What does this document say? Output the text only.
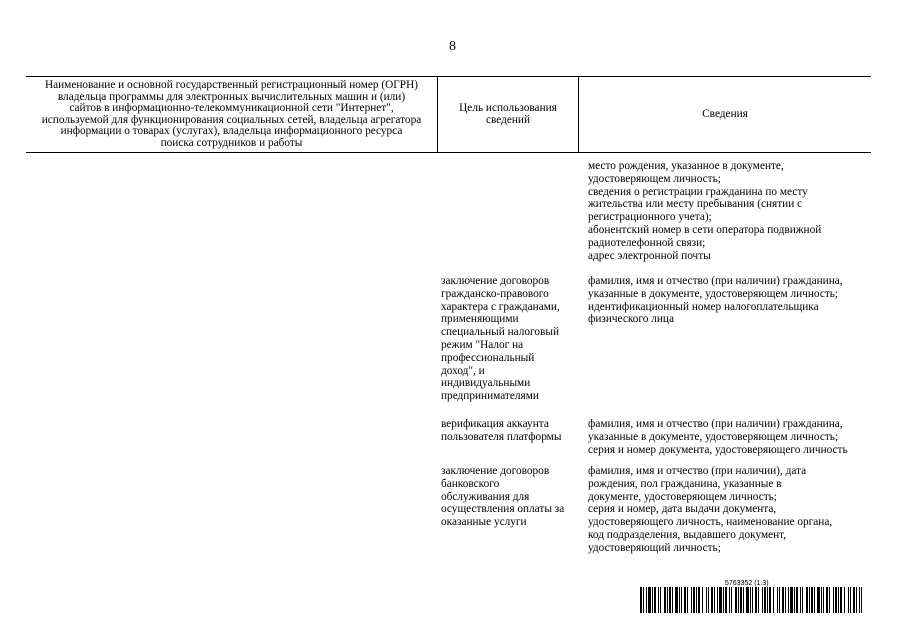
8
Наименование и основной государственный регистрационный номер (ОГРН)
владельца программы для электронных вычислительных машин и (или)
сайтов в информационно-телекоммуникационной сети "Интернет",
используемой для функционирования социальных сетей, владельца агрегатора
информации о товарах (услугах), владельца информационного ресурса
поиска сотрудников и работы
Цель использования
сведений	Сведения
место рождения, указанное в документе,
удостоверяющем личность;
сведения о регистрации гражданина по месту
жительства или месту пребывания (снятии с
регистрационного учета);
абонентский номер в сети оператора подвижной
радиотелефонной связи;
адрес электронной почты
заключение договоров
гражданско-правового
характера с гражданами,
применяющими
специальный налоговый
режим "Налог на
профессиональный
доход", и
индивидуальными
предпринимателями
фамилия, имя и отчество (при наличии) гражданина,
указанные в документе, удостоверяющем личность;
идентификационный номер налогоплательщика
физического лица
верификация аккаунта
пользователя платформы
фамилия, имя и отчество (при наличии) гражданина,
указанные в документе, удостоверяющем личность;
серия и номер документа, удостоверяющего личность
заключение договоров
банковского
обслуживания для
осуществления оплаты за
оказанные услуги
фамилия, имя и отчество (при наличии), дата
рождения, пол гражданина, указанные в
документе, удостоверяющем личность;
серия и номер, дата выдачи документа,
удостоверяющего личность, наименование органа,
код подразделения, выдавшего документ,
удостоверяющий личность;
5763352 (1.3)
